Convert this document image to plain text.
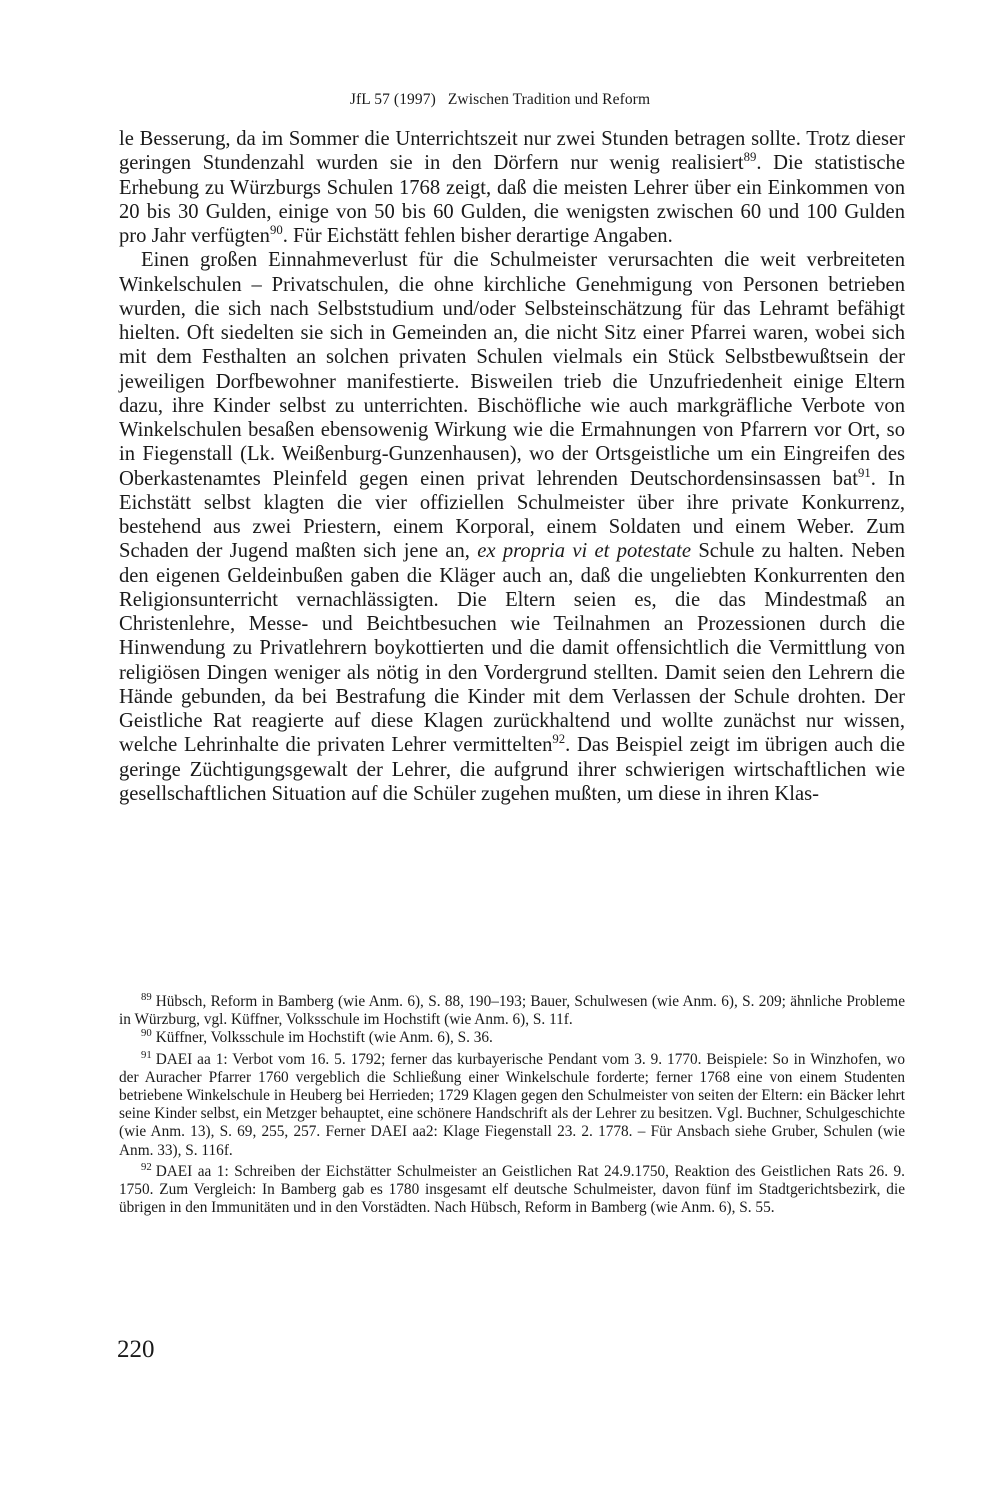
JfL 57 (1997) Zwischen Tradition und Reform

le Besserung, da im Sommer die Unterrichtszeit nur zwei Stunden betragen sollte. Trotz dieser geringen Stundenzahl wurden sie in den Dörfern nur wenig realisiert$^{89}$. Die statistische Erhebung zu Würzburgs Schulen 1768 zeigt, daß die meisten Lehrer über ein Einkommen von 20 bis 30 Gulden, einige von 50 bis 60 Gulden, die wenigsten zwischen 60 und 100 Gulden pro Jahr verfügten$^{90}$. Für Eichstätt fehlen bisher derartige Angaben.

Einen großen Einnahmeverlust für die Schulmeister verursachten die weit verbreiteten Winkelschulen – Privatschulen, die ohne kirchliche Genehmigung von Personen betrieben wurden, die sich nach Selbststudium und/oder Selbsteinschätzung für das Lehramt befähigt hielten. Oft siedelten sie sich in Gemeinden an, die nicht Sitz einer Pfarrei waren, wobei sich mit dem Festhalten an solchen privaten Schulen vielmals ein Stück Selbstbewußtsein der jeweiligen Dorfbewohner manifestierte. Bisweilen trieb die Unzufriedenheit einige Eltern dazu, ihre Kinder selbst zu unterrichten. Bischöfliche wie auch markgräfliche Verbote von Winkelschulen besaßen ebensowenig Wirkung wie die Ermahnungen von Pfarrern vor Ort, so in Fiegenstall (Lk. Weißenburg-Gunzenhausen), wo der Ortsgeistliche um ein Eingreifen des Oberkastenamtes Pleinfeld gegen einen privat lehrenden Deutschordensinsassen bat$^{91}$. In Eichstätt selbst klagten die vier offiziellen Schulmeister über ihre private Konkurrenz, bestehend aus zwei Priestern, einem Korporal, einem Soldaten und einem Weber. Zum Schaden der Jugend maßten sich jene an, ex propria vi et potestate Schule zu halten. Neben den eigenen Geldeinbußen gaben die Kläger auch an, daß die ungeliebten Konkurrenten den Religionsunterricht vernachlässigten. Die Eltern seien es, die das Mindestmaß an Christenlehre, Messe- und Beichtbesuchen wie Teilnahmen an Prozessionen durch die Hinwendung zu Privatlehrern boykottierten und die damit offensichtlich die Vermittlung von religiösen Dingen weniger als nötig in den Vordergrund stellten. Damit seien den Lehrern die Hände gebunden, da bei Bestrafung die Kinder mit dem Verlassen der Schule drohten. Der Geistliche Rat reagierte auf diese Klagen zurückhaltend und wollte zunächst nur wissen, welche Lehrinhalte die privaten Lehrer vermittelten$^{92}$. Das Beispiel zeigt im übrigen auch die geringe Züchtigungsgewalt der Lehrer, die aufgrund ihrer schwierigen wirtschaftlichen wie gesellschaftlichen Situation auf die Schüler zugehen mußten, um diese in ihren Klas-

$^{89}$ Hübsch, Reform in Bamberg (wie Anm. 6), S. 88, 190–193; Bauer, Schulwesen (wie Anm. 6), S. 209; ähnliche Probleme in Würzburg, vgl. Küffner, Volksschule im Hochstift (wie Anm. 6), S. 11f.

$^{90}$ Küffner, Volksschule im Hochstift (wie Anm. 6), S. 36.

$^{91}$ DAEI aa 1: Verbot vom 16. 5. 1792; ferner das kurbayerische Pendant vom 3. 9. 1770. Beispiele: So in Winzhofen, wo der Auracher Pfarrer 1760 vergeblich die Schließung einer Winkelschule forderte; ferner 1768 eine von einem Studenten betriebene Winkelschule in Heuberg bei Herrieden; 1729 Klagen gegen den Schulmeister von seiten der Eltern: ein Bäcker lehrt seine Kinder selbst, ein Metzger behauptet, eine schönere Handschrift als der Lehrer zu besitzen. Vgl. Buchner, Schulgeschichte (wie Anm. 13), S. 69, 255, 257. Ferner DAEI aa2: Klage Fiegenstall 23. 2. 1778. – Für Ansbach siehe Gruber, Schulen (wie Anm. 33), S. 116f.

$^{92}$ DAEI aa 1: Schreiben der Eichstätter Schulmeister an Geistlichen Rat 24.9.1750, Reaktion des Geistlichen Rats 26. 9. 1750. Zum Vergleich: In Bamberg gab es 1780 insgesamt elf deutsche Schulmeister, davon fünf im Stadtgerichtsbezirk, die übrigen in den Immunitäten und in den Vorstädten. Nach Hübsch, Reform in Bamberg (wie Anm. 6), S. 55.

220
